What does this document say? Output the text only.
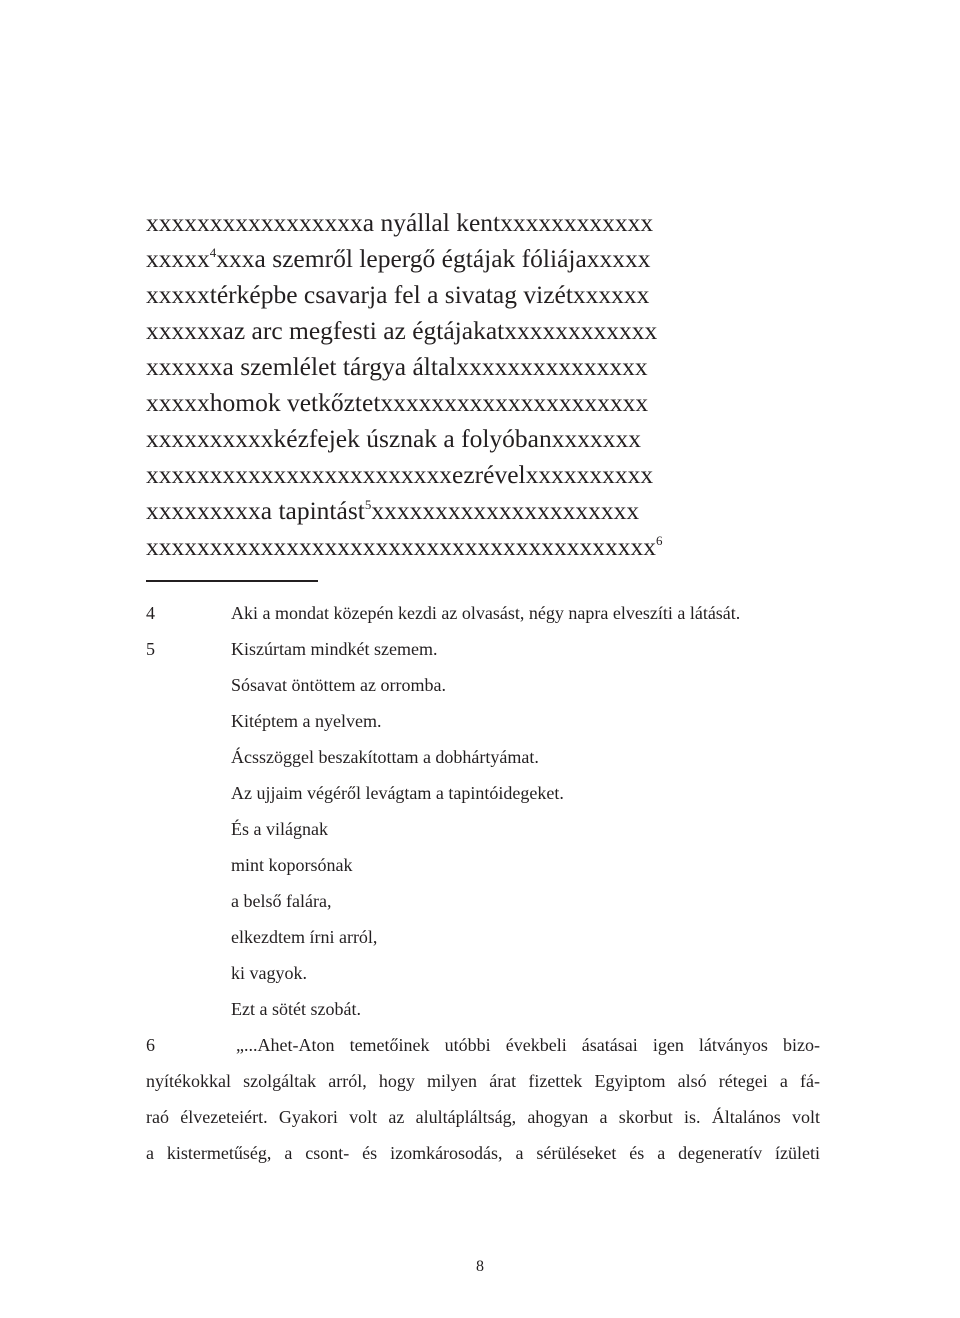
xxxxxxxxxxxxxxxxxa nyállal kentxxxxxxxxxxxx
xxxxx 4 xxxa szemről lepergő égtájak fóliájaxxxxx
xxxxxtérképbe csavarja fel a sivatag vizétxxxxxx
xxxxxxaz arc megfesti az égtájakatxxxxxxxxxxxx
xxxxxxa szemlélet tárgya általxxxxxxxxxxxxxxx
xxxxxhomok vetkőztetxxxxxxxxxxxxxxxxxxxxx
xxxxxxxxxxkézfejek úsznak a folyóbanxxxxxxx
xxxxxxxxxxxxxxxxxxxxxxxxezrévelxxxxxxxxxx
xxxxxxxxxa tapintást 5 xxxxxxxxxxxxxxxxxxxxx
xxxxxxxxxxxxxxxxxxxxxxxxxxxxxxxxxxxxxxxx 6
4	Aki a mondat közepén kezdi az olvasást, négy napra elveszíti a látását.
5	Kiszúrtam mindkét szemem.
Sósavat öntöttem az orromba.
Kitéptem a nyelvem.
Ácsszöggel beszakítottam a dobhártyámat.
Az ujjaim végéről levágtam a tapintóidegeket.
És a világnak
mint koporsónak
a belső falára,
elkezdtem írni arról,
ki vagyok.
Ezt a sötét szobát.
6	„...Ahet-Aton temetőinek utóbbi évekbeli ásatásai igen látványos bizo-
nyítékokkal szolgáltak arról, hogy milyen árat fizettek Egyiptom alsó rétegei a fá-
raó élvezeteiért. Gyakori volt az alultápláltság, ahogyan a skorbut is. Általános volt
a kistermetűség, a csont- és izomkárosodás, a sérüléseket és a degeneratív ízületi
8
